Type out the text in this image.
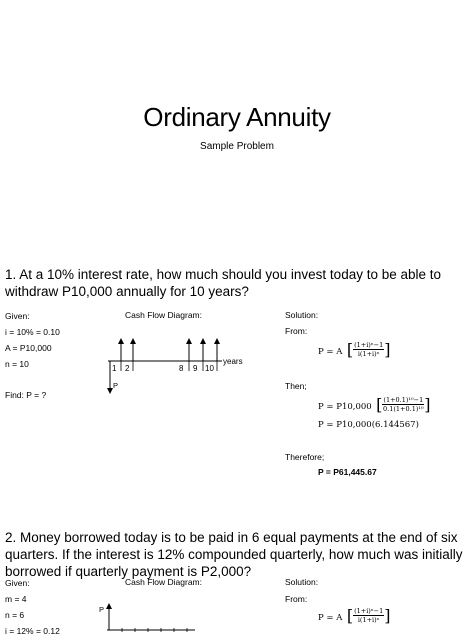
Ordinary Annuity
Sample Problem
1. At a 10% interest rate, how much should you invest today to be able to withdraw P10,000 annually for 10 years?
Given:
i = 10% = 0.10
A = P10,000
n = 10
Find: P = ?
Cash Flow Diagram:
1 2	8 9 10
years
P
Solution:
From:
P = A [ $\frac{\text{(1+i)ⁿ−1}}{\text{i(1+i)ⁿ}}$ ]
Then;
P = P10,000 [ $\frac{\text{(1+0.1)¹⁰−1}}{\text{0.1(1+0.1)¹⁰}}$ ]
P = P10,000(6.144567)
Therefore;
P = P61,445.67
2. Money borrowed today is to be paid in 6 equal payments at the end of six quarters. If the interest is 12% compounded quarterly, how much was initially borrowed if quarterly payment is P2,000?
Given:
m = 4
n = 6
i = 12% = 0.12
Cash Flow Diagram:
P
Solution:
From:
P = A [ $\frac{\text{(1+i)ⁿ−1}}{\text{i(1+i)ⁿ}}$ ]
